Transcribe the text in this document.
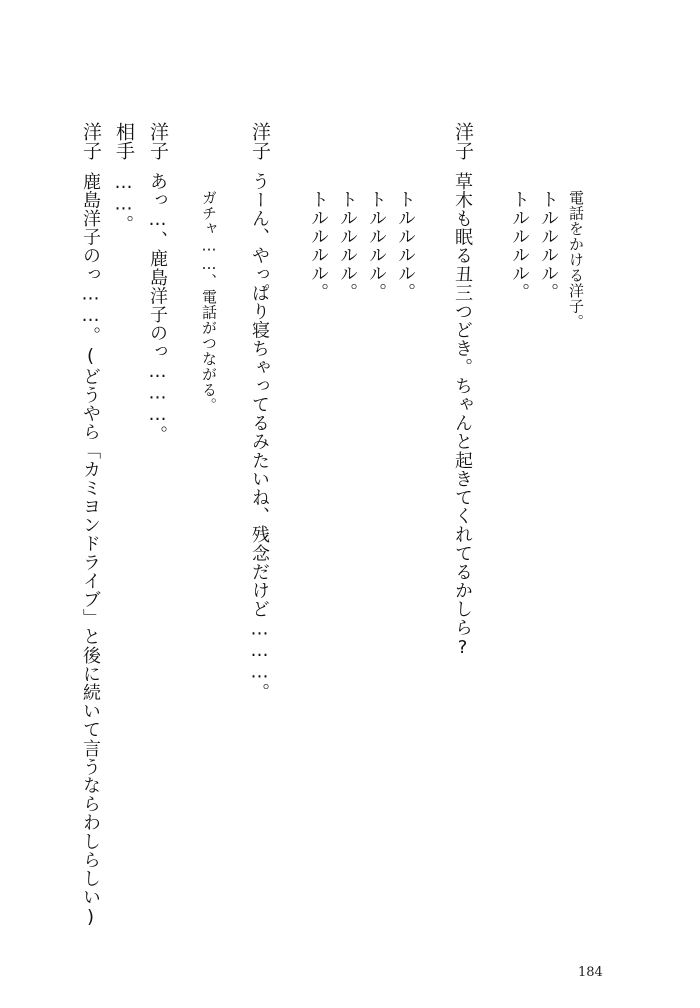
電話をかける洋子。
トルルルル。
トルルルル。
洋子
草木も眠る丑三つどき。ちゃんと起きてくれてるかしら?
トルルルル。
トルルルル。
トルルルル。
トルルルル。
洋子
うーん、やっぱり寝ちゃってるみたいね、残念だけど………。
ガチャ……、電話がつながる。
洋子
あっ…、鹿島洋子のっ………。
相手
……。
洋子
鹿島洋子のっ……。(どうやら「カミヨンドライブ」と後に続いて言うならわしらしい)
184
